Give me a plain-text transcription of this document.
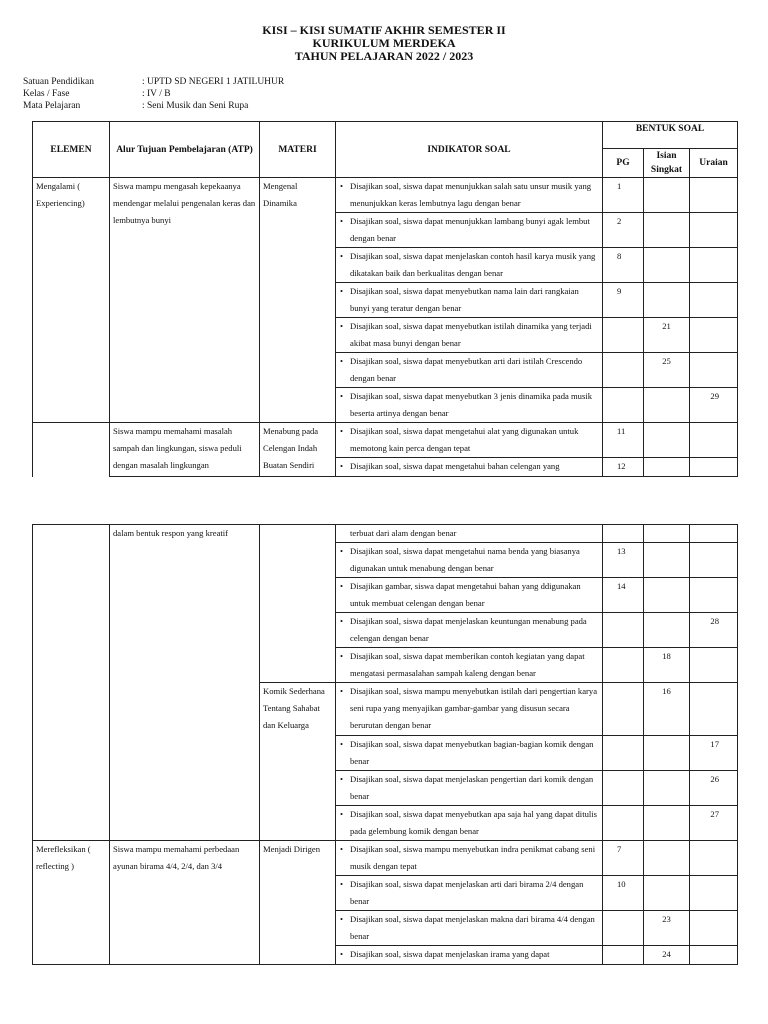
KISI – KISI SUMATIF AKHIR SEMESTER II
KURIKULUM MERDEKA
TAHUN PELAJARAN 2022 / 2023
Satuan Pendidikan	: UPTD SD NEGERI 1 JATILUHUR
Kelas / Fase	: IV / B
Mata Pelajaran	: Seni Musik dan Seni Rupa
ELEMEN	Alur Tujuan Pembelajaran (ATP)	MATERI	INDIKATOR SOAL	BENTUK SOAL		
				PG	Isian Singkat	Uraian
Mengalami ( Experiencing)	Siswa mampu mengasah kepekaanya mendengar melalui pengenalan keras dan lembutnya bunyi	Mengenal Dinamika	• Disajikan soal, siswa dapat menunjukkan salah satu unsur musik yang menunjukkan keras lembutnya lagu dengan benar	1		

			• Disajikan soal, siswa dapat menunjukkan lambang bunyi agak lembut dengan benar	2		

			• Disajikan soal, siswa dapat menjelaskan contoh hasil karya musik yang dikatakan baik dan berkualitas dengan benar	8		

			• Disajikan soal, siswa dapat menyebutkan nama lain dari rangkaian bunyi yang teratur dengan benar	9		

			• Disajikan soal, siswa dapat menyebutkan istilah dinamika yang terjadi akibat masa bunyi dengan benar		21	

			• Disajikan soal, siswa dapat menyebutkan arti dari istilah Crescendo dengan benar		25	

			• Disajikan soal, siswa dapat menyebutkan 3 jenis dinamika pada musik beserta artinya dengan benar			29
	Siswa mampu memahami masalah sampah dan lingkungan, siswa peduli dengan masalah lingkungan	Menabung pada Celengan Indah Buatan Sendiri	• Disajikan soal, siswa dapat mengetahui alat yang digunakan untuk memotong kain perca dengan tepat	11		

			• Disajikan soal, siswa dapat mengetahui bahan celengan yang	12		
	dalam bentuk respon yang kreatif		terbuat dari alam dengan benar			

			• Disajikan soal, siswa dapat mengetahui nama benda yang biasanya digunakan untuk menabung dengan benar	13		

			• Disajikan gambar, siswa dapat mengetahui bahan yang ddigunakan untuk membuat celengan dengan benar	14		

			• Disajikan soal, siswa dapat menjelaskan keuntungan menabung pada celengan dengan benar			28

			• Disajikan soal, siswa dapat memberikan contoh kegiatan yang dapat mengatasi permasalahan sampah kaleng dengan benar		18	
		Komik Sederhana Tentang Sahabat dan Keluarga	• Disajikan soal, siswa mampu menyebutkan istilah dari pengertian karya seni rupa yang menyajikan gambar-gambar yang disusun secara berurutan dengan benar		16	

			• Disajikan soal, siswa dapat menyebutkan bagian-bagian komik dengan benar			17

			• Disajikan soal, siswa dapat menjelaskan pengertian dari komik dengan benar			26

			• Disajikan soal, siswa dapat menyebutkan apa saja hal yang dapat ditulis pada gelembung komik dengan benar			27
Merefleksikan ( reflecting )	Siswa mampu memahami perbedaan ayunan birama 4/4, 2/4, dan 3/4	Menjadi Dirigen	• Disajikan soal, siswa mampu menyebutkan indra penikmat cabang seni musik dengan tepat	7		

			• Disajikan soal, siswa dapat menjelaskan arti dari birama 2/4 dengan benar	10		

			• Disajikan soal, siswa dapat menjelaskan makna dari birama 4/4 dengan benar		23	

			• Disajikan soal, siswa dapat menjelaskan irama yang dapat		24	
